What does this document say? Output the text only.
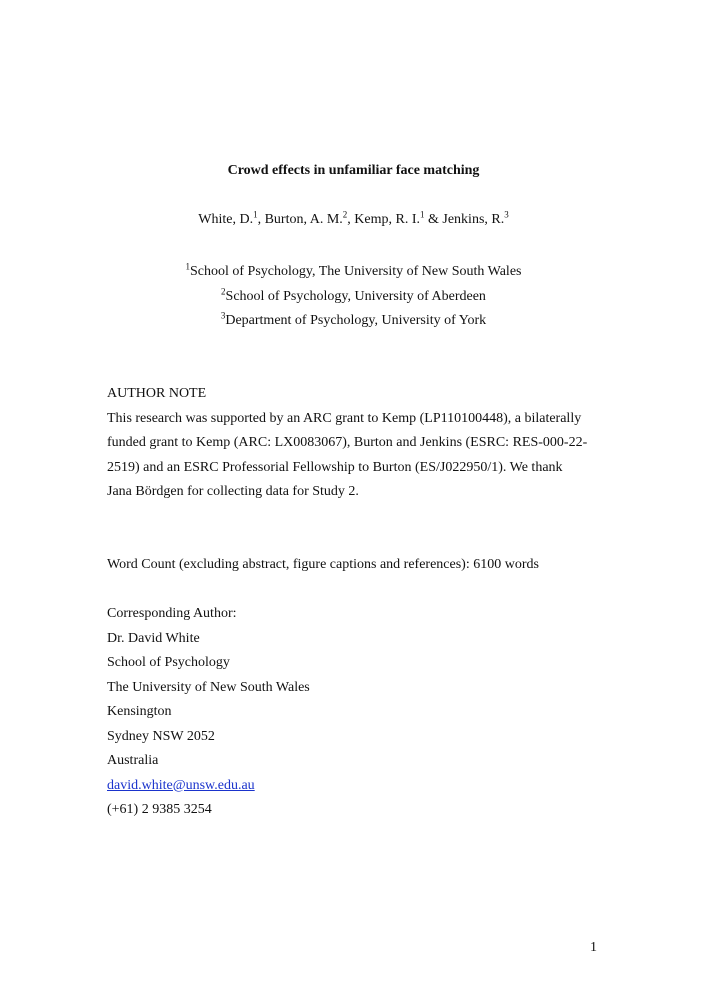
Crowd effects in unfamiliar face matching
White, D.$^1$, Burton, A. M.$^2$, Kemp, R. I.$^1$ & Jenkins, R.$^3$
$^1$School of Psychology, The University of New South Wales
$^2$School of Psychology, University of Aberdeen
$^3$Department of Psychology, University of York
AUTHOR NOTE
This research was supported by an ARC grant to Kemp (LP110100448), a bilaterally
funded grant to Kemp (ARC: LX0083067), Burton and Jenkins (ESRC: RES-000-22-
2519) and an ESRC Professorial Fellowship to Burton (ES/J022950/1). We thank
Jana Bördgen for collecting data for Study 2.
Word Count (excluding abstract, figure captions and references): 6100 words
Corresponding Author:
Dr. David White
School of Psychology
The University of New South Wales
Kensington
Sydney NSW 2052
Australia
david.white@unsw.edu.au
(+61) 2 9385 3254
1
